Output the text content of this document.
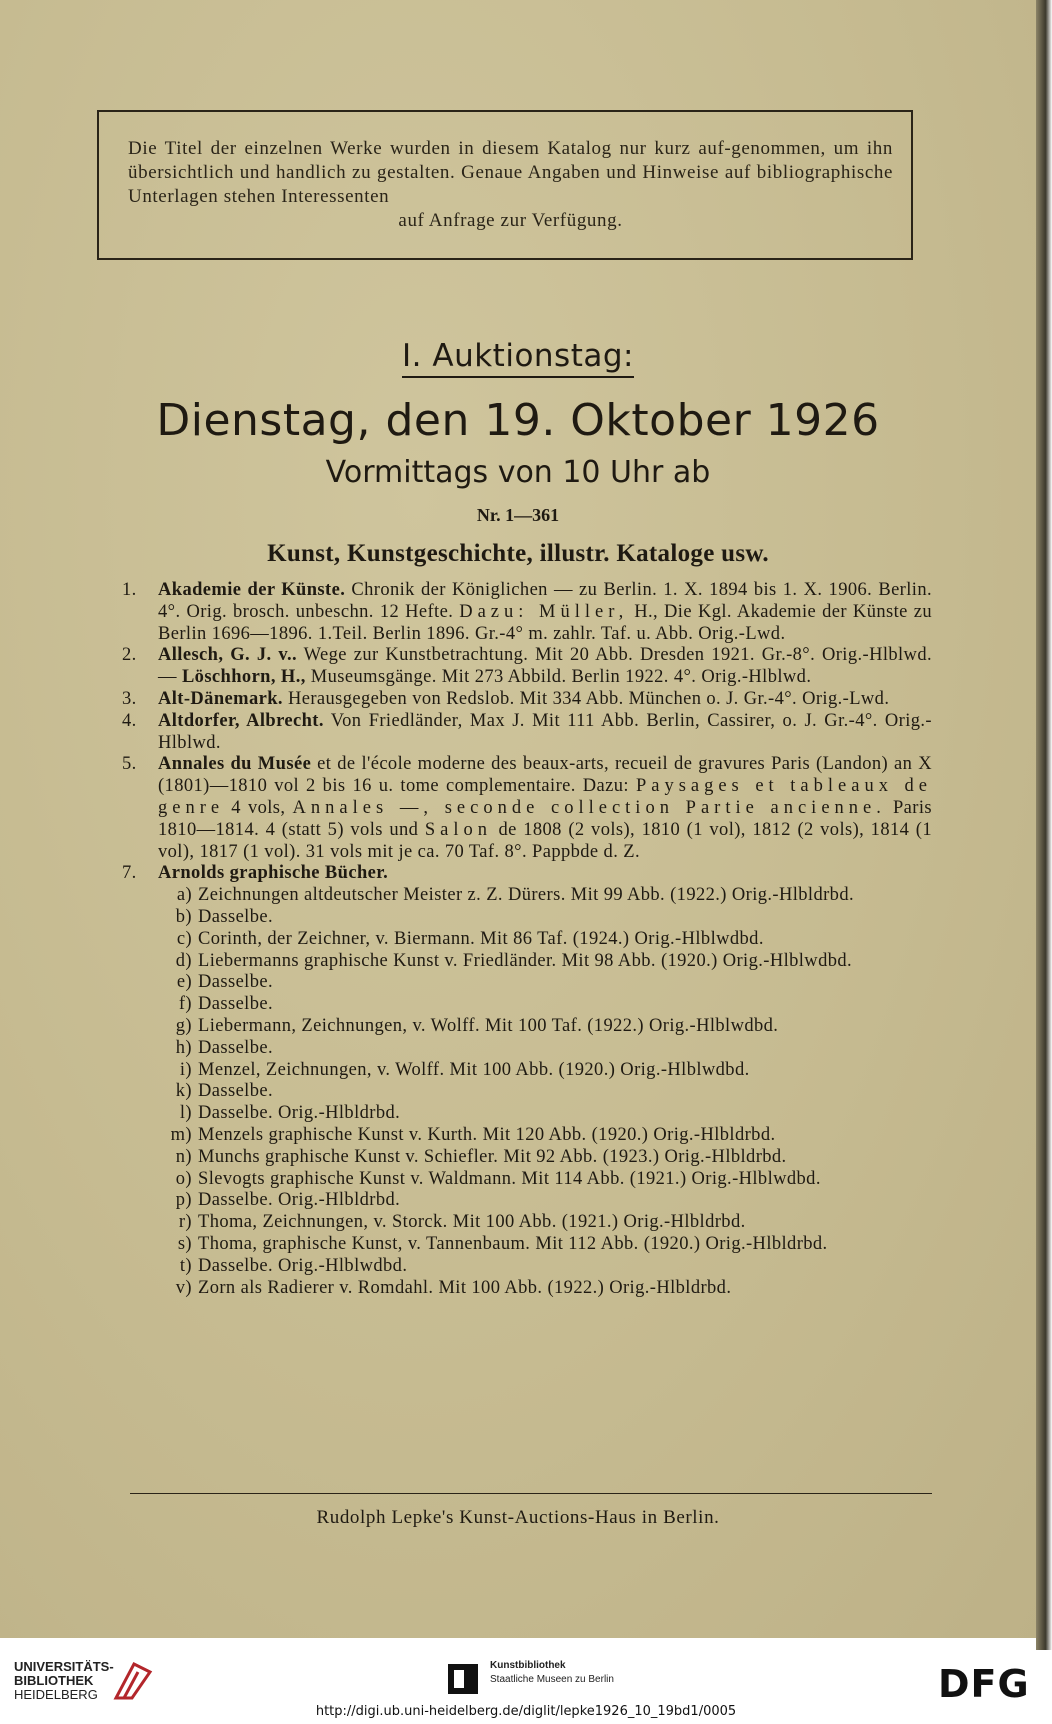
Die Titel der einzelnen Werke wurden in diesem Katalog nur kurz auf-genommen, um ihn übersichtlich und handlich zu gestalten. Genaue Angaben und Hinweise auf bibliographische Unterlagen stehen Interessenten
auf Anfrage zur Verfügung.
I. Auktionstag:
Dienstag, den 19. Oktober 1926
Vormittags von 10 Uhr ab
Nr. 1—361
Kunst, Kunstgeschichte, illustr. Kataloge usw.
1.	Akademie der Künste. Chronik der Königlichen — zu Berlin. 1. X. 1894 bis 1. X. 1906. Berlin. 4°. Orig. brosch. unbeschn. 12 Hefte. Dazu: Müller, H., Die Kgl. Akademie der Künste zu Berlin 1696—1896. 1.Teil. Berlin 1896. Gr.-4° m. zahlr. Taf. u. Abb. Orig.-Lwd.
2.	Allesch, G. J. v.. Wege zur Kunstbetrachtung. Mit 20 Abb. Dresden 1921. Gr.-8°. Orig.-Hlblwd. — Löschhorn, H., Museumsgänge. Mit 273 Abbild. Berlin 1922. 4°. Orig.-Hlblwd.
3.	Alt-Dänemark. Herausgegeben von Redslob. Mit 334 Abb. München o. J. Gr.-4°. Orig.-Lwd.
4.	Altdorfer, Albrecht. Von Friedländer, Max J. Mit 111 Abb. Berlin, Cassirer, o. J. Gr.-4°. Orig.-Hlblwd.
5.	Annales du Musée et de l'école moderne des beaux-arts, recueil de gravures Paris (Landon) an X (1801)—1810 vol 2 bis 16 u. tome complementaire. Dazu: Paysages et tableaux de genre 4 vols, Annales —, seconde collection Partie ancienne. Paris 1810—1814. 4 (statt 5) vols und Salon de 1808 (2 vols), 1810 (1 vol), 1812 (2 vols), 1814 (1 vol), 1817 (1 vol). 31 vols mit je ca. 70 Taf. 8°. Pappbde d. Z.
7.	Arnolds graphische Bücher.
a) Zeichnungen altdeutscher Meister z. Z. Dürers. Mit 99 Abb. (1922.) Orig.-Hlbldrbd.
b) Dasselbe.
c) Corinth, der Zeichner, v. Biermann. Mit 86 Taf. (1924.) Orig.-Hlblwdbd.
d) Liebermanns graphische Kunst v. Friedländer. Mit 98 Abb. (1920.) Orig.-Hlblwdbd.
e) Dasselbe.
f) Dasselbe.
g) Liebermann, Zeichnungen, v. Wolff. Mit 100 Taf. (1922.) Orig.-Hlblwdbd.
h) Dasselbe.
i) Menzel, Zeichnungen, v. Wolff. Mit 100 Abb. (1920.) Orig.-Hlblwdbd.
k) Dasselbe.
l) Dasselbe. Orig.-Hlbldrbd.
m) Menzels graphische Kunst v. Kurth. Mit 120 Abb. (1920.) Orig.-Hlbldrbd.
n) Munchs graphische Kunst v. Schiefler. Mit 92 Abb. (1923.) Orig.-Hlbldrbd.
o) Slevogts graphische Kunst v. Waldmann. Mit 114 Abb. (1921.) Orig.-Hlblwdbd.
p) Dasselbe. Orig.-Hlbldrbd.
r) Thoma, Zeichnungen, v. Storck. Mit 100 Abb. (1921.) Orig.-Hlbldrbd.
s) Thoma, graphische Kunst, v. Tannenbaum. Mit 112 Abb. (1920.) Orig.-Hlbldrbd.
t) Dasselbe. Orig.-Hlblwdbd.
v) Zorn als Radierer v. Romdahl. Mit 100 Abb. (1922.) Orig.-Hlbldrbd.
Rudolph Lepke's Kunst-Auctions-Haus in Berlin.
UNIVERSITÄTS-
BIBLIOTHEK
HEIDELBERG
Kunstbibliothek
Staatliche Museen zu Berlin	DFG
http://digi.ub.uni-heidelberg.de/diglit/lepke1926_10_19bd1/0005
